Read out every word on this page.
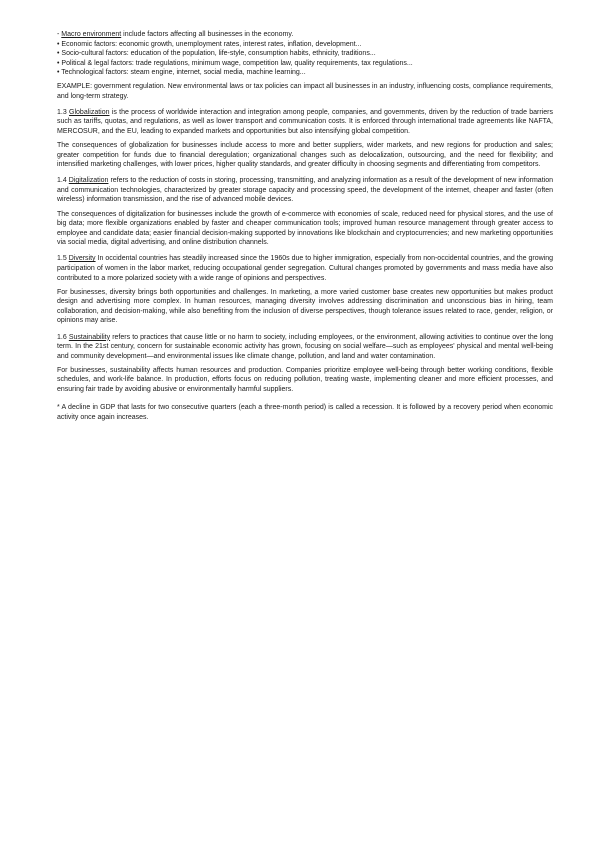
- Macro environment include factors affecting all businesses in the economy.
• Economic factors: economic growth, unemployment rates, interest rates, inflation, development...
• Socio-cultural factors: education of the population, life-style, consumption habits, ethnicity, traditions...
• Political & legal factors: trade regulations, minimum wage, competition law, quality requirements, tax regulations...
• Technological factors: steam engine, internet, social media, machine learning...

EXAMPLE: government regulation. New environmental laws or tax policies can impact all businesses in an industry, influencing costs, compliance requirements, and long-term strategy.

1.3 Globalization is the process of worldwide interaction and integration among people, companies, and governments, driven by the reduction of trade barriers such as tariffs, quotas, and regulations, as well as lower transport and communication costs. It is enforced through international trade agreements like NAFTA, MERCOSUR, and the EU, leading to expanded markets and opportunities but also intensifying global competition.

The consequences of globalization for businesses include access to more and better suppliers, wider markets, and new regions for production and sales; greater competition for funds due to financial deregulation; organizational changes such as delocalization, outsourcing, and the need for flexibility; and intensified marketing challenges, with lower prices, higher quality standards, and greater difficulty in choosing segments and differentiating from competitors.

1.4 Digitalization refers to the reduction of costs in storing, processing, transmitting, and analyzing information as a result of the development of new information and communication technologies, characterized by greater storage capacity and processing speed, the development of the internet, cheaper and faster (often wireless) information transmission, and the rise of advanced mobile devices.

The consequences of digitalization for businesses include the growth of e-commerce with economies of scale, reduced need for physical stores, and the use of big data; more flexible organizations enabled by faster and cheaper communication tools; improved human resource management through greater access to employee and candidate data; easier financial decision-making supported by innovations like blockchain and cryptocurrencies; and new marketing opportunities via social media, digital advertising, and online distribution channels.

1.5 Diversity In occidental countries has steadily increased since the 1960s due to higher immigration, especially from non-occidental countries, and the growing participation of women in the labor market, reducing occupational gender segregation. Cultural changes promoted by governments and mass media have also contributed to a more polarized society with a wide range of opinions and perspectives.

For businesses, diversity brings both opportunities and challenges. In marketing, a more varied customer base creates new opportunities but makes product design and advertising more complex. In human resources, managing diversity involves addressing discrimination and unconscious bias in hiring, team collaboration, and decision-making, while also benefiting from the inclusion of diverse perspectives, though tolerance issues related to race, gender, religion, or opinions may arise.

1.6 Sustainability refers to practices that cause little or no harm to society, including employees, or the environment, allowing activities to continue over the long term. In the 21st century, concern for sustainable economic activity has grown, focusing on social welfare—such as employees' physical and mental well-being and community development—and environmental issues like climate change, pollution, and land and water contamination.

For businesses, sustainability affects human resources and production. Companies prioritize employee well-being through better working conditions, flexible schedules, and work-life balance. In production, efforts focus on reducing pollution, treating waste, implementing cleaner and more efficient processes, and ensuring fair trade by avoiding abusive or environmentally harmful suppliers.

* A decline in GDP that lasts for two consecutive quarters (each a three-month period) is called a recession. It is followed by a recovery period when economic activity once again increases.
